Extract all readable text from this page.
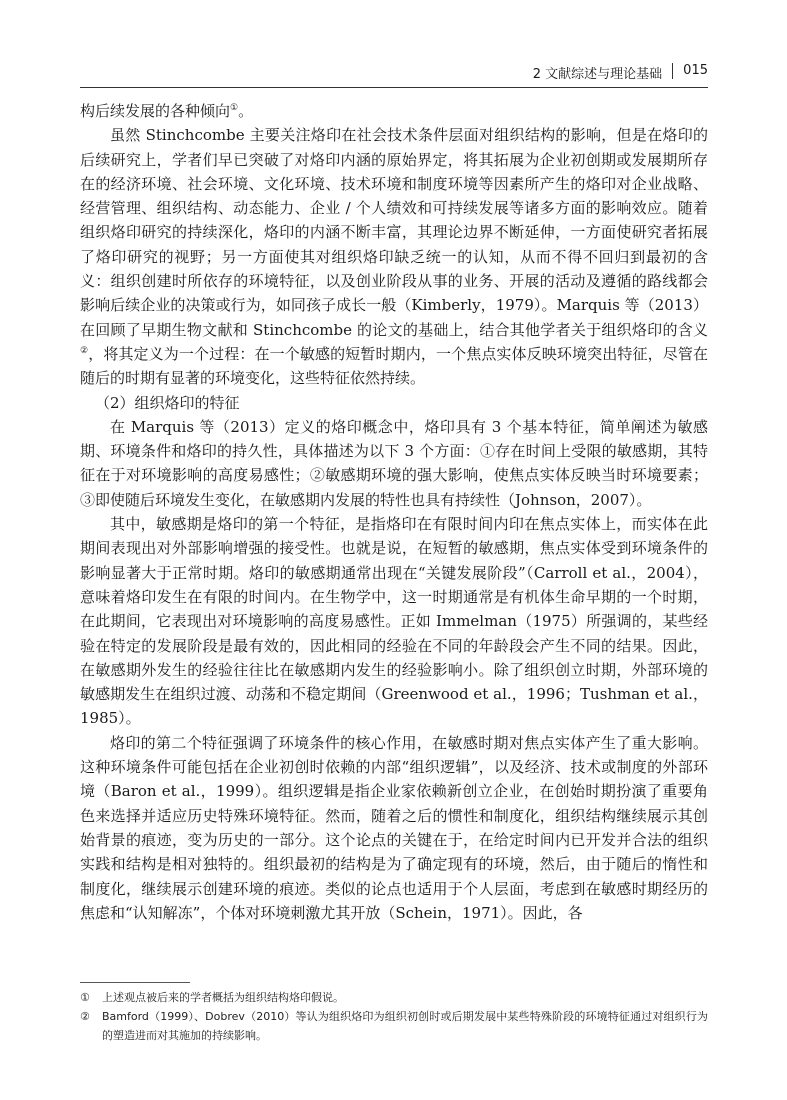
2 文献综述与理论基础	015

构后续发展的各种倾向①。

虽然 Stinchcombe 主要关注烙印在社会技术条件层面对组织结构的影响，但是在烙印的后续研究上，学者们早已突破了对烙印内涵的原始界定，将其拓展为企业初创期或发展期所存在的经济环境、社会环境、文化环境、技术环境和制度环境等因素所产生的烙印对企业战略、经营管理、组织结构、动态能力、企业 / 个人绩效和可持续发展等诸多方面的影响效应。随着组织烙印研究的持续深化，烙印的内涵不断丰富，其理论边界不断延伸，一方面使研究者拓展了烙印研究的视野；另一方面使其对组织烙印缺乏统一的认知，从而不得不回归到最初的含义：组织创建时所依存的环境特征，以及创业阶段从事的业务、开展的活动及遵循的路线都会影响后续企业的决策或行为，如同孩子成长一般（Kimberly，1979）。Marquis 等（2013）在回顾了早期生物文献和 Stinchcombe 的论文的基础上，结合其他学者关于组织烙印的含义②，将其定义为一个过程：在一个敏感的短暂时期内，一个焦点实体反映环境突出特征，尽管在随后的时期有显著的环境变化，这些特征依然持续。

（2）组织烙印的特征

在 Marquis 等（2013）定义的烙印概念中，烙印具有 3 个基本特征，简单阐述为敏感期、环境条件和烙印的持久性，具体描述为以下 3 个方面：①存在时间上受限的敏感期，其特征在于对环境影响的高度易感性；②敏感期环境的强大影响，使焦点实体反映当时环境要素；③即使随后环境发生变化，在敏感期内发展的特性也具有持续性（Johnson，2007）。

其中，敏感期是烙印的第一个特征，是指烙印在有限时间内印在焦点实体上，而实体在此期间表现出对外部影响增强的接受性。也就是说，在短暂的敏感期，焦点实体受到环境条件的影响显著大于正常时期。烙印的敏感期通常出现在“关键发展阶段”（Carroll et al.，2004），意味着烙印发生在有限的时间内。在生物学中，这一时期通常是有机体生命早期的一个时期，在此期间，它表现出对环境影响的高度易感性。正如 Immelman（1975）所强调的，某些经验在特定的发展阶段是最有效的，因此相同的经验在不同的年龄段会产生不同的结果。因此，在敏感期外发生的经验往往比在敏感期内发生的经验影响小。除了组织创立时期，外部环境的敏感期发生在组织过渡、动荡和不稳定期间（Greenwood et al.，1996；Tushman et al.，1985）。

烙印的第二个特征强调了环境条件的核心作用，在敏感时期对焦点实体产生了重大影响。这种环境条件可能包括在企业初创时依赖的内部“组织逻辑”，以及经济、技术或制度的外部环境（Baron et al.，1999）。组织逻辑是指企业家依赖新创立企业，在创始时期扮演了重要角色来选择并适应历史特殊环境特征。然而，随着之后的惯性和制度化，组织结构继续展示其创始背景的痕迹，变为历史的一部分。这个论点的关键在于，在给定时间内已开发并合法的组织实践和结构是相对独特的。组织最初的结构是为了确定现有的环境，然后，由于随后的惰性和制度化，继续展示创建环境的痕迹。类似的论点也适用于个人层面，考虑到在敏感时期经历的焦虑和“认知解冻”，个体对环境刺激尤其开放（Schein，1971）。因此，各

①	上述观点被后来的学者概括为组织结构烙印假说。
②	Bamford（1999）、Dobrev（2010）等认为组织烙印为组织初创时或后期发展中某些特殊阶段的环境特征通过对组织行为的塑造进而对其施加的持续影响。
